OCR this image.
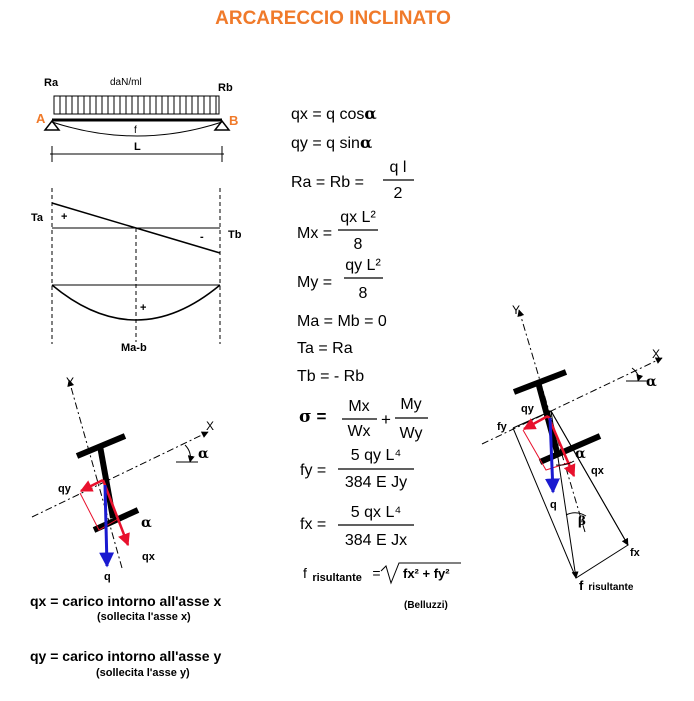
ARCARECCIO INCLINATO
Ra	daN/ml	Rb
A	B
f
L
Ta
Tb
+
-
+
Ma-b
Y
X
α
qy
α
qx
q
Y
X
α
β
α
qy
fy
qx
q
fx
f risultante
qx = q cosα
qy = q sinα
Ra = Rb =
q l
2
Mx =
qx L²
8
My =
qy L²
8
Ma = Mb = 0
Ta = Ra
Tb = - Rb
σ =
Mx
Wx
+
My
Wy
fy =
5 qy L⁴
384 E Jy
fx =
5 qx L⁴
384 E Jx
f risultante = fx² + fy²
(Belluzzi)
qx = carico intorno all'asse x
(sollecita l'asse x)
qy = carico intorno all'asse y
(sollecita l'asse y)
